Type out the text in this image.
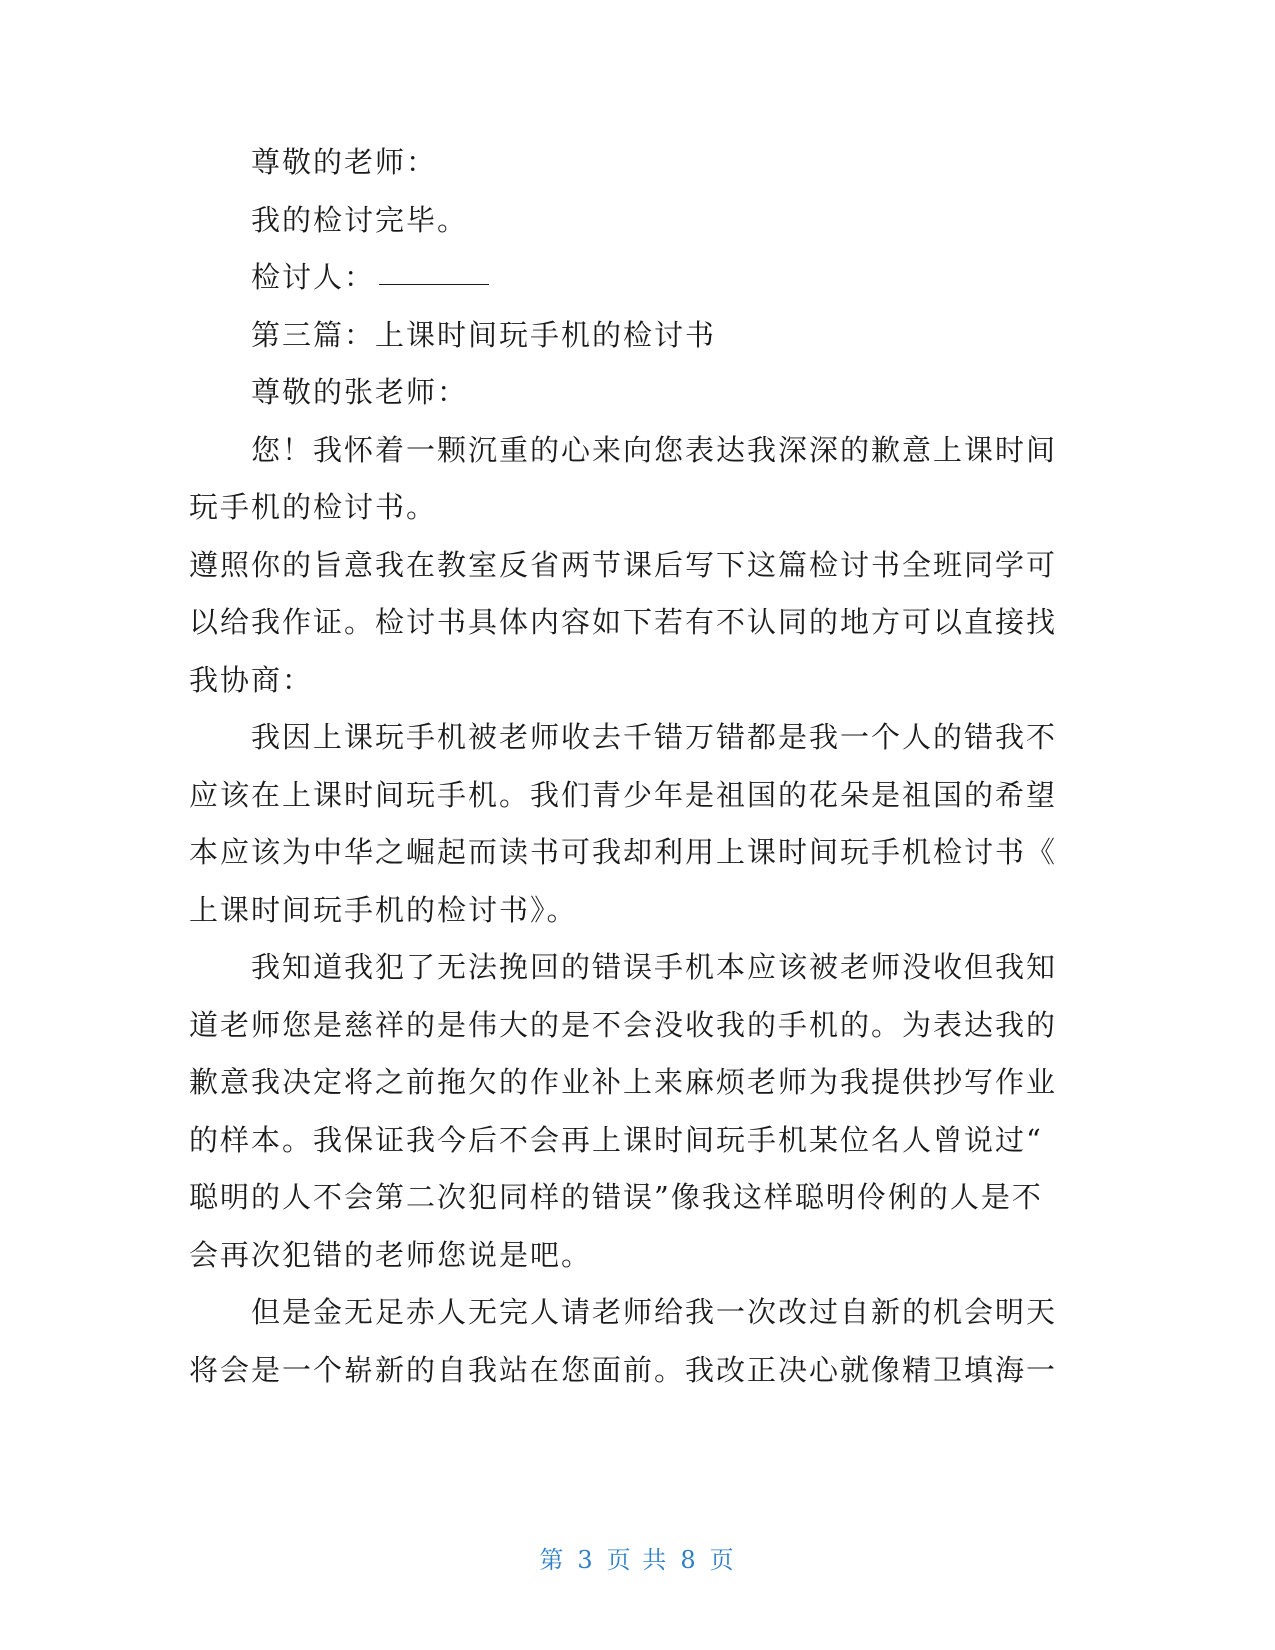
尊敬的老师：
我的检讨完毕。
检讨人：
第三篇：上课时间玩手机的检讨书
尊敬的张老师：
您！我怀着一颗沉重的心来向您表达我深深的歉意上课时间
玩手机的检讨书。
遵照你的旨意我在教室反省两节课后写下这篇检讨书全班同学可
以给我作证。检讨书具体内容如下若有不认同的地方可以直接找
我协商：
我因上课玩手机被老师收去千错万错都是我一个人的错我不
应该在上课时间玩手机。我们青少年是祖国的花朵是祖国的希望
本应该为中华之崛起而读书可我却利用上课时间玩手机检讨书《
上课时间玩手机的检讨书》。
我知道我犯了无法挽回的错误手机本应该被老师没收但我知
道老师您是慈祥的是伟大的是不会没收我的手机的。为表达我的
歉意我决定将之前拖欠的作业补上来麻烦老师为我提供抄写作业
的样本。我保证我今后不会再上课时间玩手机某位名人曾说过“
聪明的人不会第二次犯同样的错误”像我这样聪明伶俐的人是不
会再次犯错的老师您说是吧。
但是金无足赤人无完人请老师给我一次改过自新的机会明天
将会是一个崭新的自我站在您面前。我改正决心就像精卫填海一
第 3 页 共 8 页
